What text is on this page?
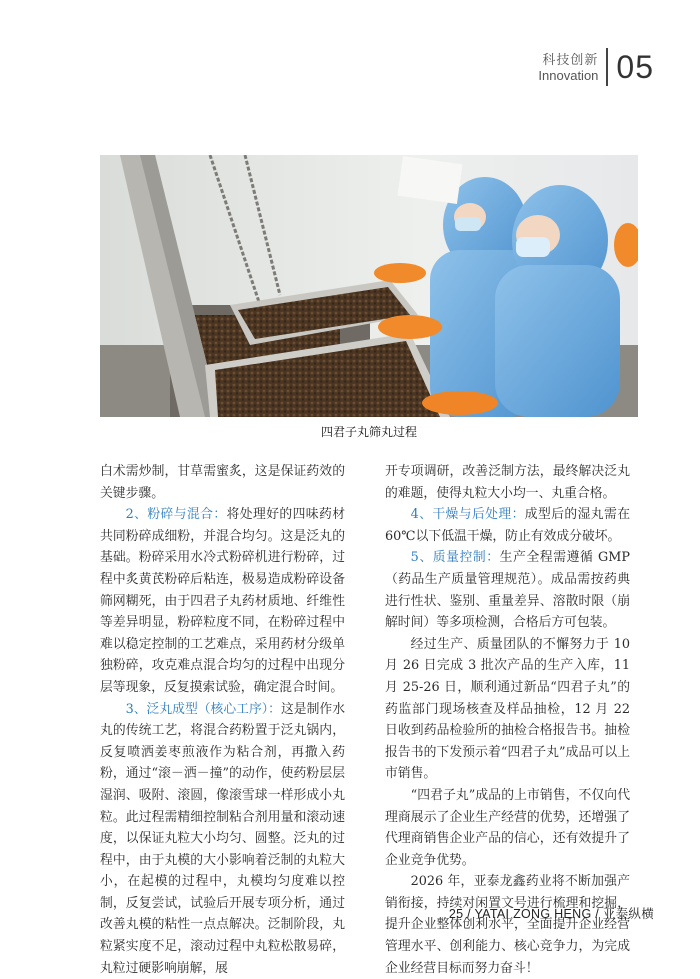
科技创新
Innovation 05
四君子丸筛丸过程

白术需炒制，甘草需蜜炙，这是保证药效的关键步骤。

2、粉碎与混合：将处理好的四味药材共同粉碎成细粉，并混合均匀。这是泛丸的基础。粉碎采用水冷式粉碎机进行粉碎，过程中炙黄芪粉碎后粘连，极易造成粉碎设备筛网糊死，由于四君子丸药材质地、纤维性等差异明显，粉碎粒度不同，在粉碎过程中难以稳定控制的工艺难点，采用药材分级单独粉碎，攻克难点混合均匀的过程中出现分层等现象，反复摸索试验，确定混合时间。

3、泛丸成型（核心工序）：这是制作水丸的传统工艺，将混合药粉置于泛丸锅内，反复喷洒姜枣煎液作为粘合剂，再撒入药粉，通过“滚－洒－撞”的动作，使药粉层层湿润、吸附、滚圆，像滚雪球一样形成小丸粒。此过程需精细控制粘合剂用量和滚动速度，以保证丸粒大小均匀、圆整。泛丸的过程中，由于丸模的大小影响着泛制的丸粒大小，在起模的过程中，丸模均匀度难以控制，反复尝试，试验后开展专项分析，通过改善丸模的粘性一点点解决。泛制阶段，丸粒紧实度不足，滚动过程中丸粒松散易碎，丸粒过硬影响崩解，展

开专项调研，改善泛制方法，最终解决泛丸的难题，使得丸粒大小均一、丸重合格。

4、干燥与后处理：成型后的湿丸需在 60℃以下低温干燥，防止有效成分破坏。

5、质量控制：生产全程需遵循 GMP（药品生产质量管理规范）。成品需按药典进行性状、鉴别、重量差异、溶散时限（崩解时间）等多项检测，合格后方可包装。

经过生产、质量团队的不懈努力于 10 月 26 日完成 3 批次产品的生产入库，11 月 25-26 日，顺利通过新品“四君子丸”的药监部门现场核查及样品抽检，12 月 22 日收到药品检验所的抽检合格报告书。抽检报告书的下发预示着“四君子丸”成品可以上市销售。

“四君子丸”成品的上市销售，不仅向代理商展示了企业生产经营的优势，还增强了代理商销售企业产品的信心，还有效提升了企业竞争优势。

2026 年，亚泰龙鑫药业将不断加强产销衔接，持续对闲置文号进行梳理和挖掘，提升企业整体创利水平，全面提升企业经营管理水平、创利能力、核心竞争力，为完成企业经营目标而努力奋斗！

25 / YATAI ZONG HENG / 亚泰纵横
